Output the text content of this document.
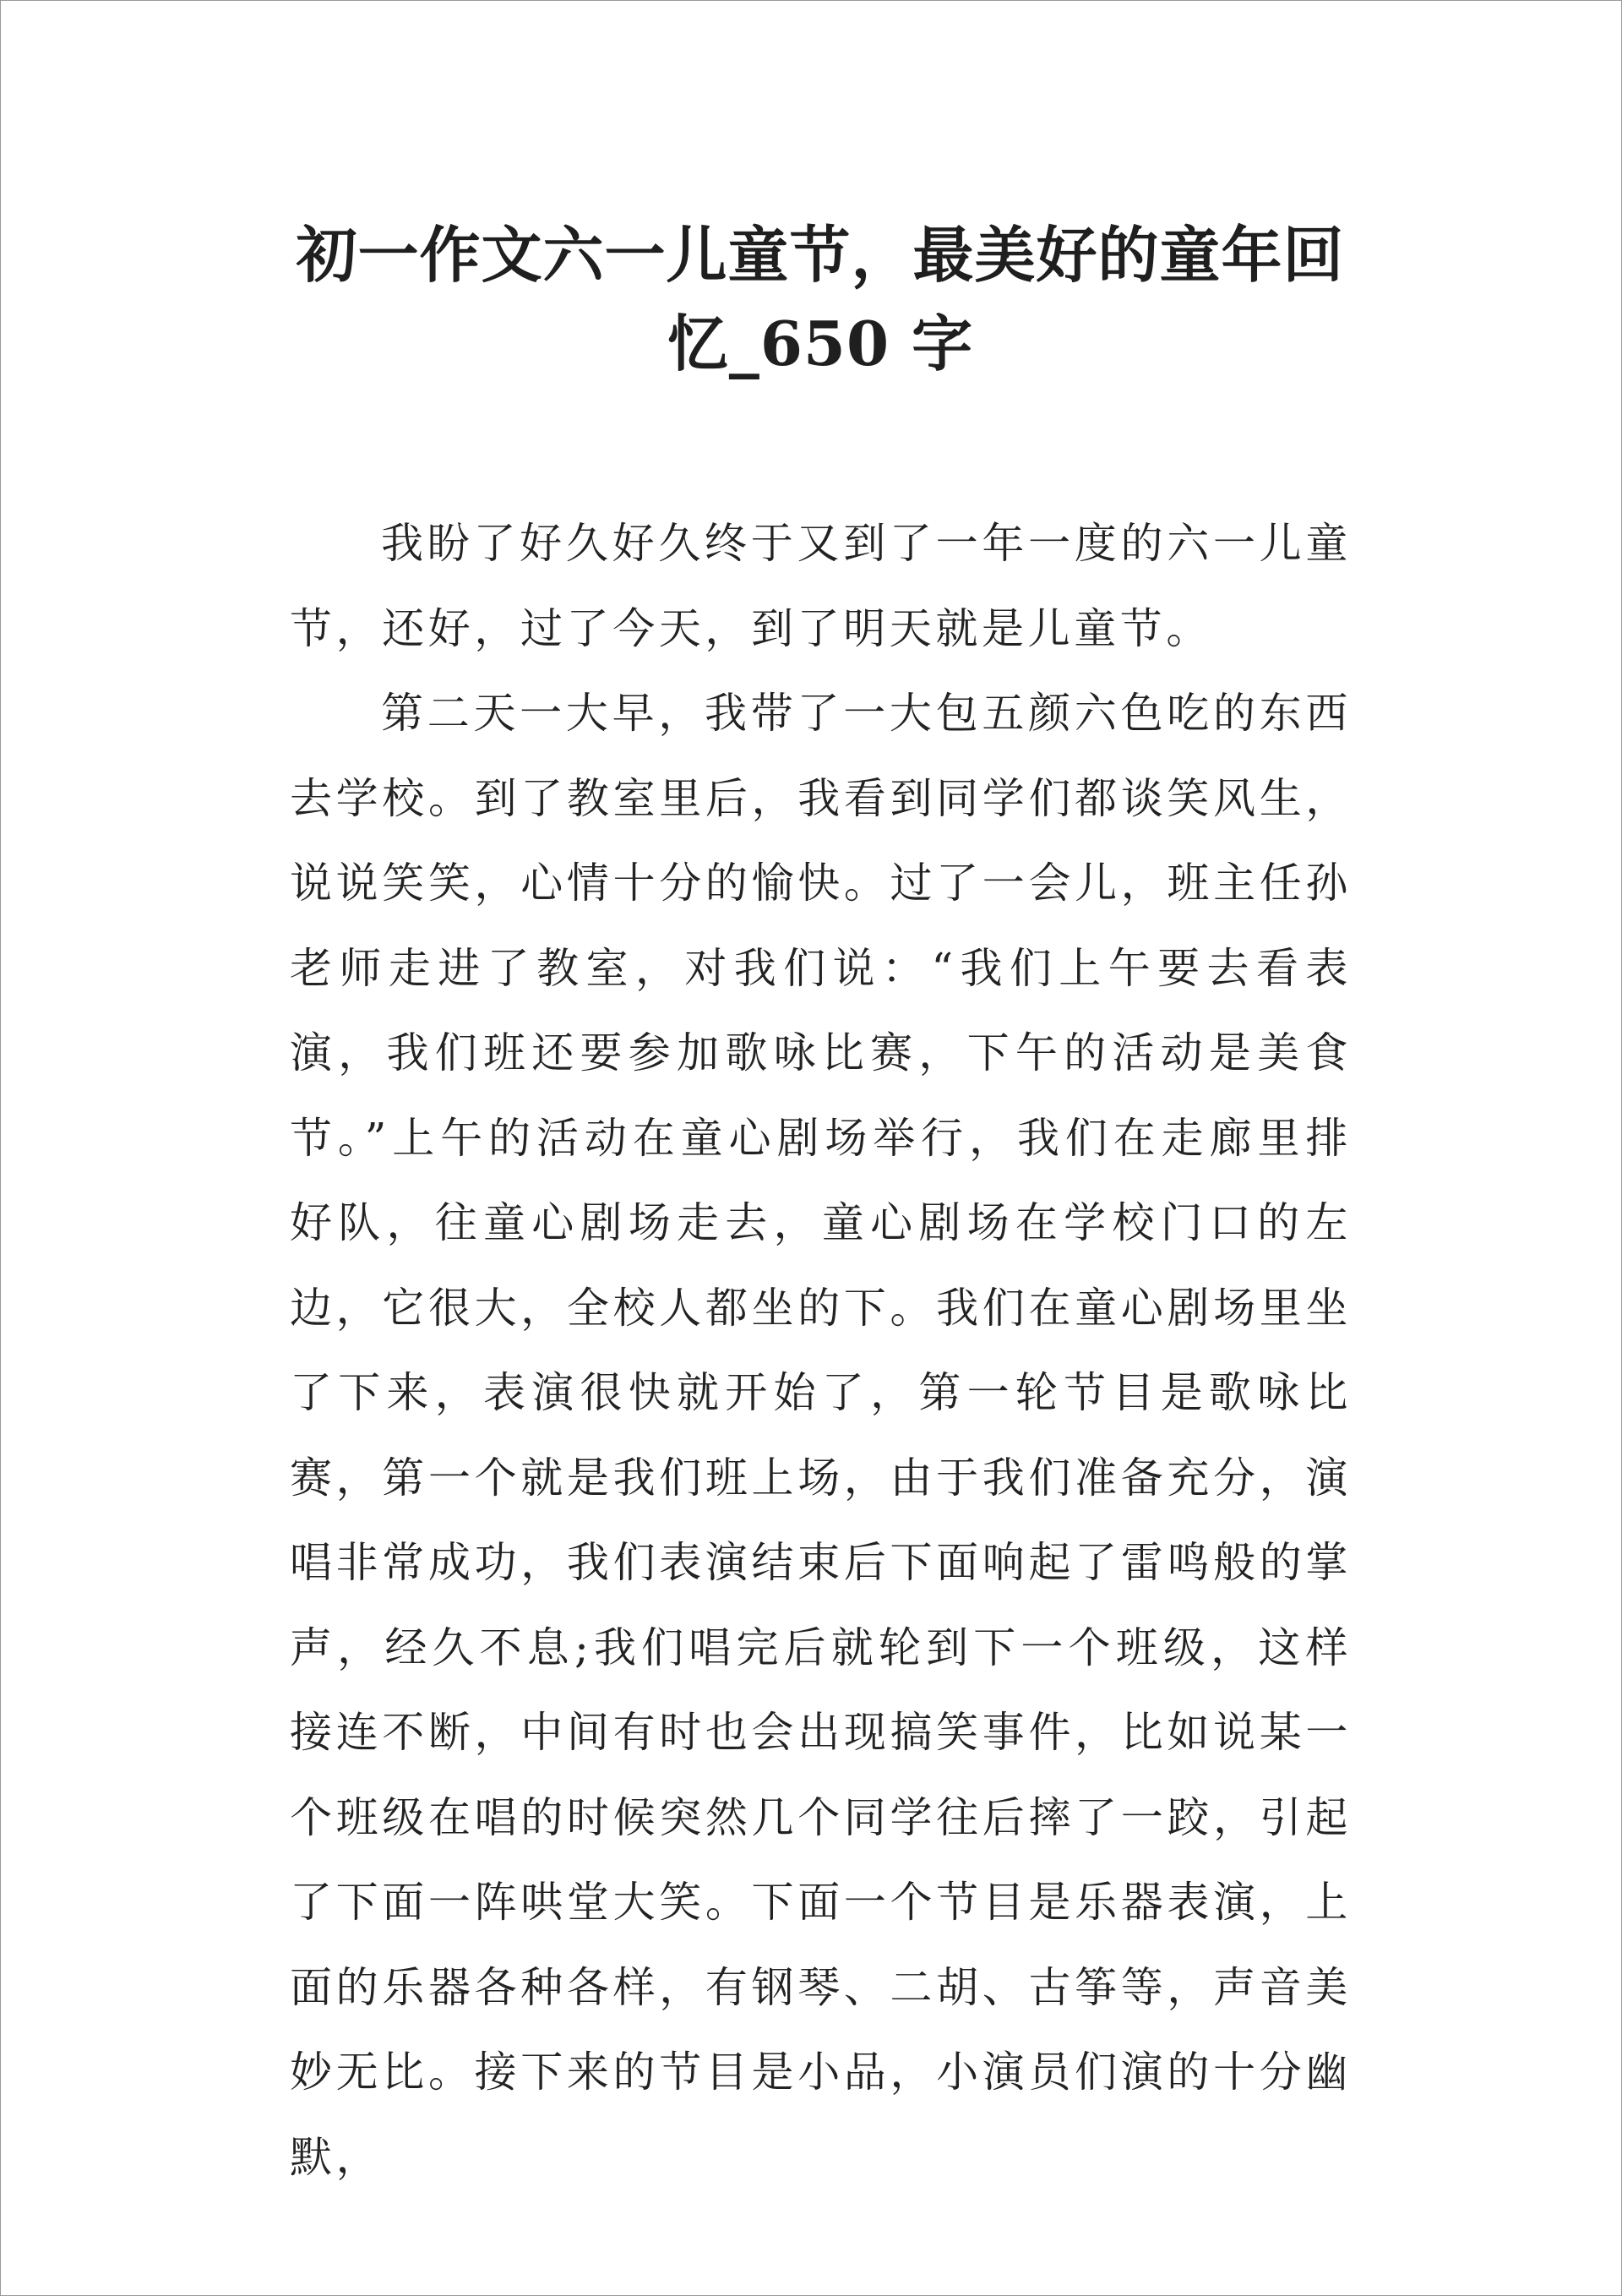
初一作文六一儿童节，最美好的童年回忆_650 字

我盼了好久好久终于又到了一年一度的六一儿童节，还好，过了今天，到了明天就是儿童节。

第二天一大早，我带了一大包五颜六色吃的东西去学校。到了教室里后，我看到同学们都谈笑风生，说说笑笑，心情十分的愉快。过了一会儿，班主任孙老师走进了教室，对我们说：“我们上午要去看表演，我们班还要参加歌咏比赛，下午的活动是美食节。”上午的活动在童心剧场举行，我们在走廊里排好队，往童心剧场走去，童心剧场在学校门口的左边，它很大，全校人都坐的下。我们在童心剧场里坐了下来，表演很快就开始了，第一轮节目是歌咏比赛，第一个就是我们班上场，由于我们准备充分，演唱非常成功，我们表演结束后下面响起了雷鸣般的掌声，经久不息;我们唱完后就轮到下一个班级，这样接连不断，中间有时也会出现搞笑事件，比如说某一个班级在唱的时候突然几个同学往后摔了一跤，引起了下面一阵哄堂大笑。下面一个节目是乐器表演，上面的乐器各种各样，有钢琴、二胡、古筝等，声音美妙无比。接下来的节目是小品，小演员们演的十分幽默，
